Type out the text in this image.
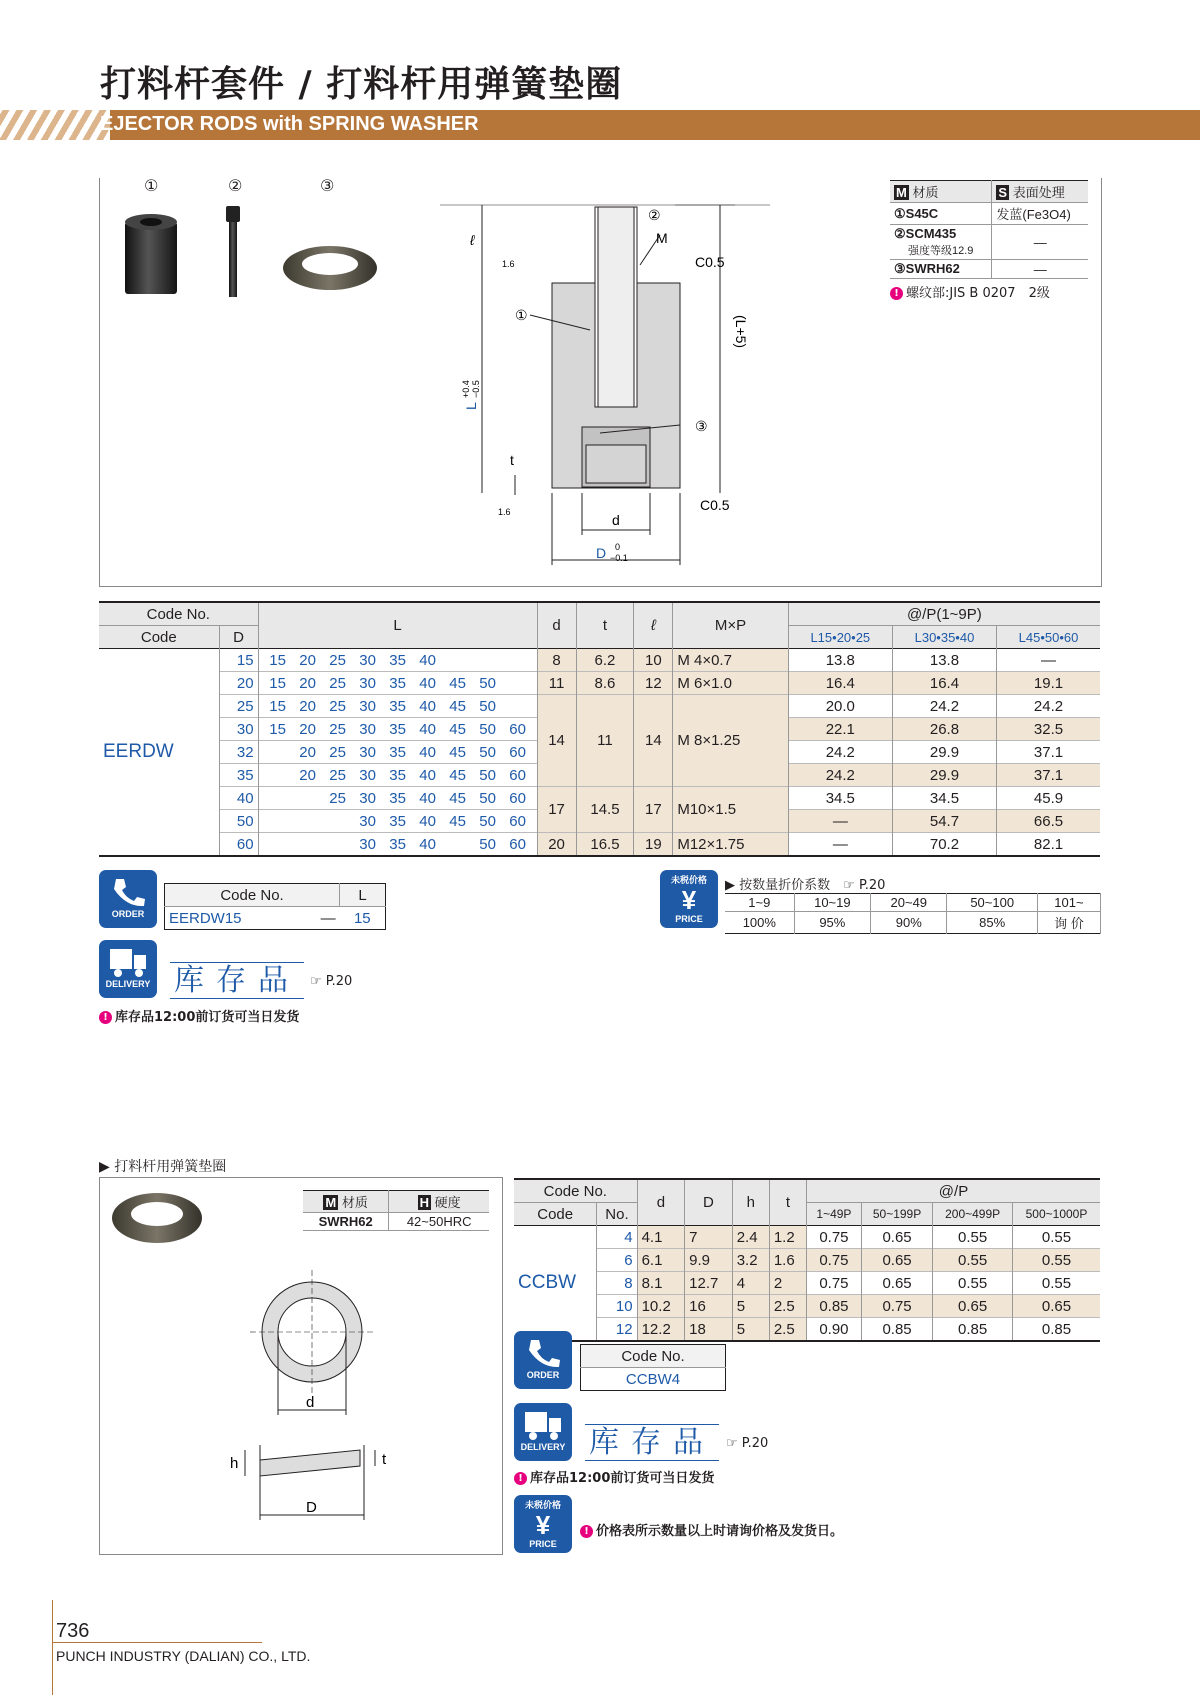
打料杆套件 / 打料杆用弹簧垫圈
EJECTOR RODS with SPRING WASHER
①	②	③
②
M
C0.5
①
③
C0.5
ℓ
1.6
1.6
t
d
D 0
−0.1
L
+0.4 −0.5
(L+5)
M 材质	S 表面处理
①S45C	发蓝(Fe3O4)
②SCM435
强度等级12.9	—
③SWRH62	—
! 螺纹部:JIS B 0207　2级
Code No.		L	d	t	ℓ	M×P	@/P(1~9P)		
Code	D						L15•20•25	L30•35•40	L45•50•60
EERDW	15	15 20 25 30 35 40	8	6.2	10	M 4×0.7	13.8	13.8	—
	20	15 20 25 30 35 40 45 50	11	8.6	12	M 6×1.0	16.4	16.4	19.1
	25	15 20 25 30 35 40 45 50	14	11	14	M 8×1.25	20.0	24.2	24.2
	30	15 20 25 30 35 40 45 50 60					22.1	26.8	32.5
	32	20 25 30 35 40 45 50 60					24.2	29.9	37.1
	35	20 25 30 35 40 45 50 60					24.2	29.9	37.1
	40	25 30 35 40 45 50 60	17	14.5	17	M10×1.5	34.5	34.5	45.9
	50	30 35 40 45 50 60					—	54.7	66.5
	60	30 35 40 50 60	20	16.5	19	M12×1.75	—	70.2	82.1
ORDER
Code No.	L
EERDW15 —	15
未税价格
¥
PRICE
▶ 按数量折价系数　 ☞ P.20
1~9	10~19	20~49	50~100	101~
100%	95%	90%	85%	询 价
DELIVERY 库存品 ☞ P.20
! 库存品12:00前订货可当日发货
▶ 打料杆用弹簧垫圈
M 材质	H 硬度
SWRH62	42~50HRC
d
D
h	t
Code No.		d	D	h	t	@/P			
Code	No.					1~49P	50~199P	200~499P	500~1000P
CCBW	4	4.1	7	2.4	1.2	0.75	0.65	0.55	0.55
	6	6.1	9.9	3.2	1.6	0.75	0.65	0.55	0.55
	8	8.1	12.7	4	2	0.75	0.65	0.55	0.55
	10	10.2	16	5	2.5	0.85	0.75	0.65	0.65
	12	12.2	18	5	2.5	0.90	0.85	0.85	0.85
ORDER
Code No.
CCBW4
DELIVERY 库存品 ☞ P.20
! 库存品12:00前订货可当日发货
未税价格
¥
PRICE
! 价格表所示数量以上时请询价格及发货日。
736
PUNCH INDUSTRY (DALIAN) CO., LTD.
